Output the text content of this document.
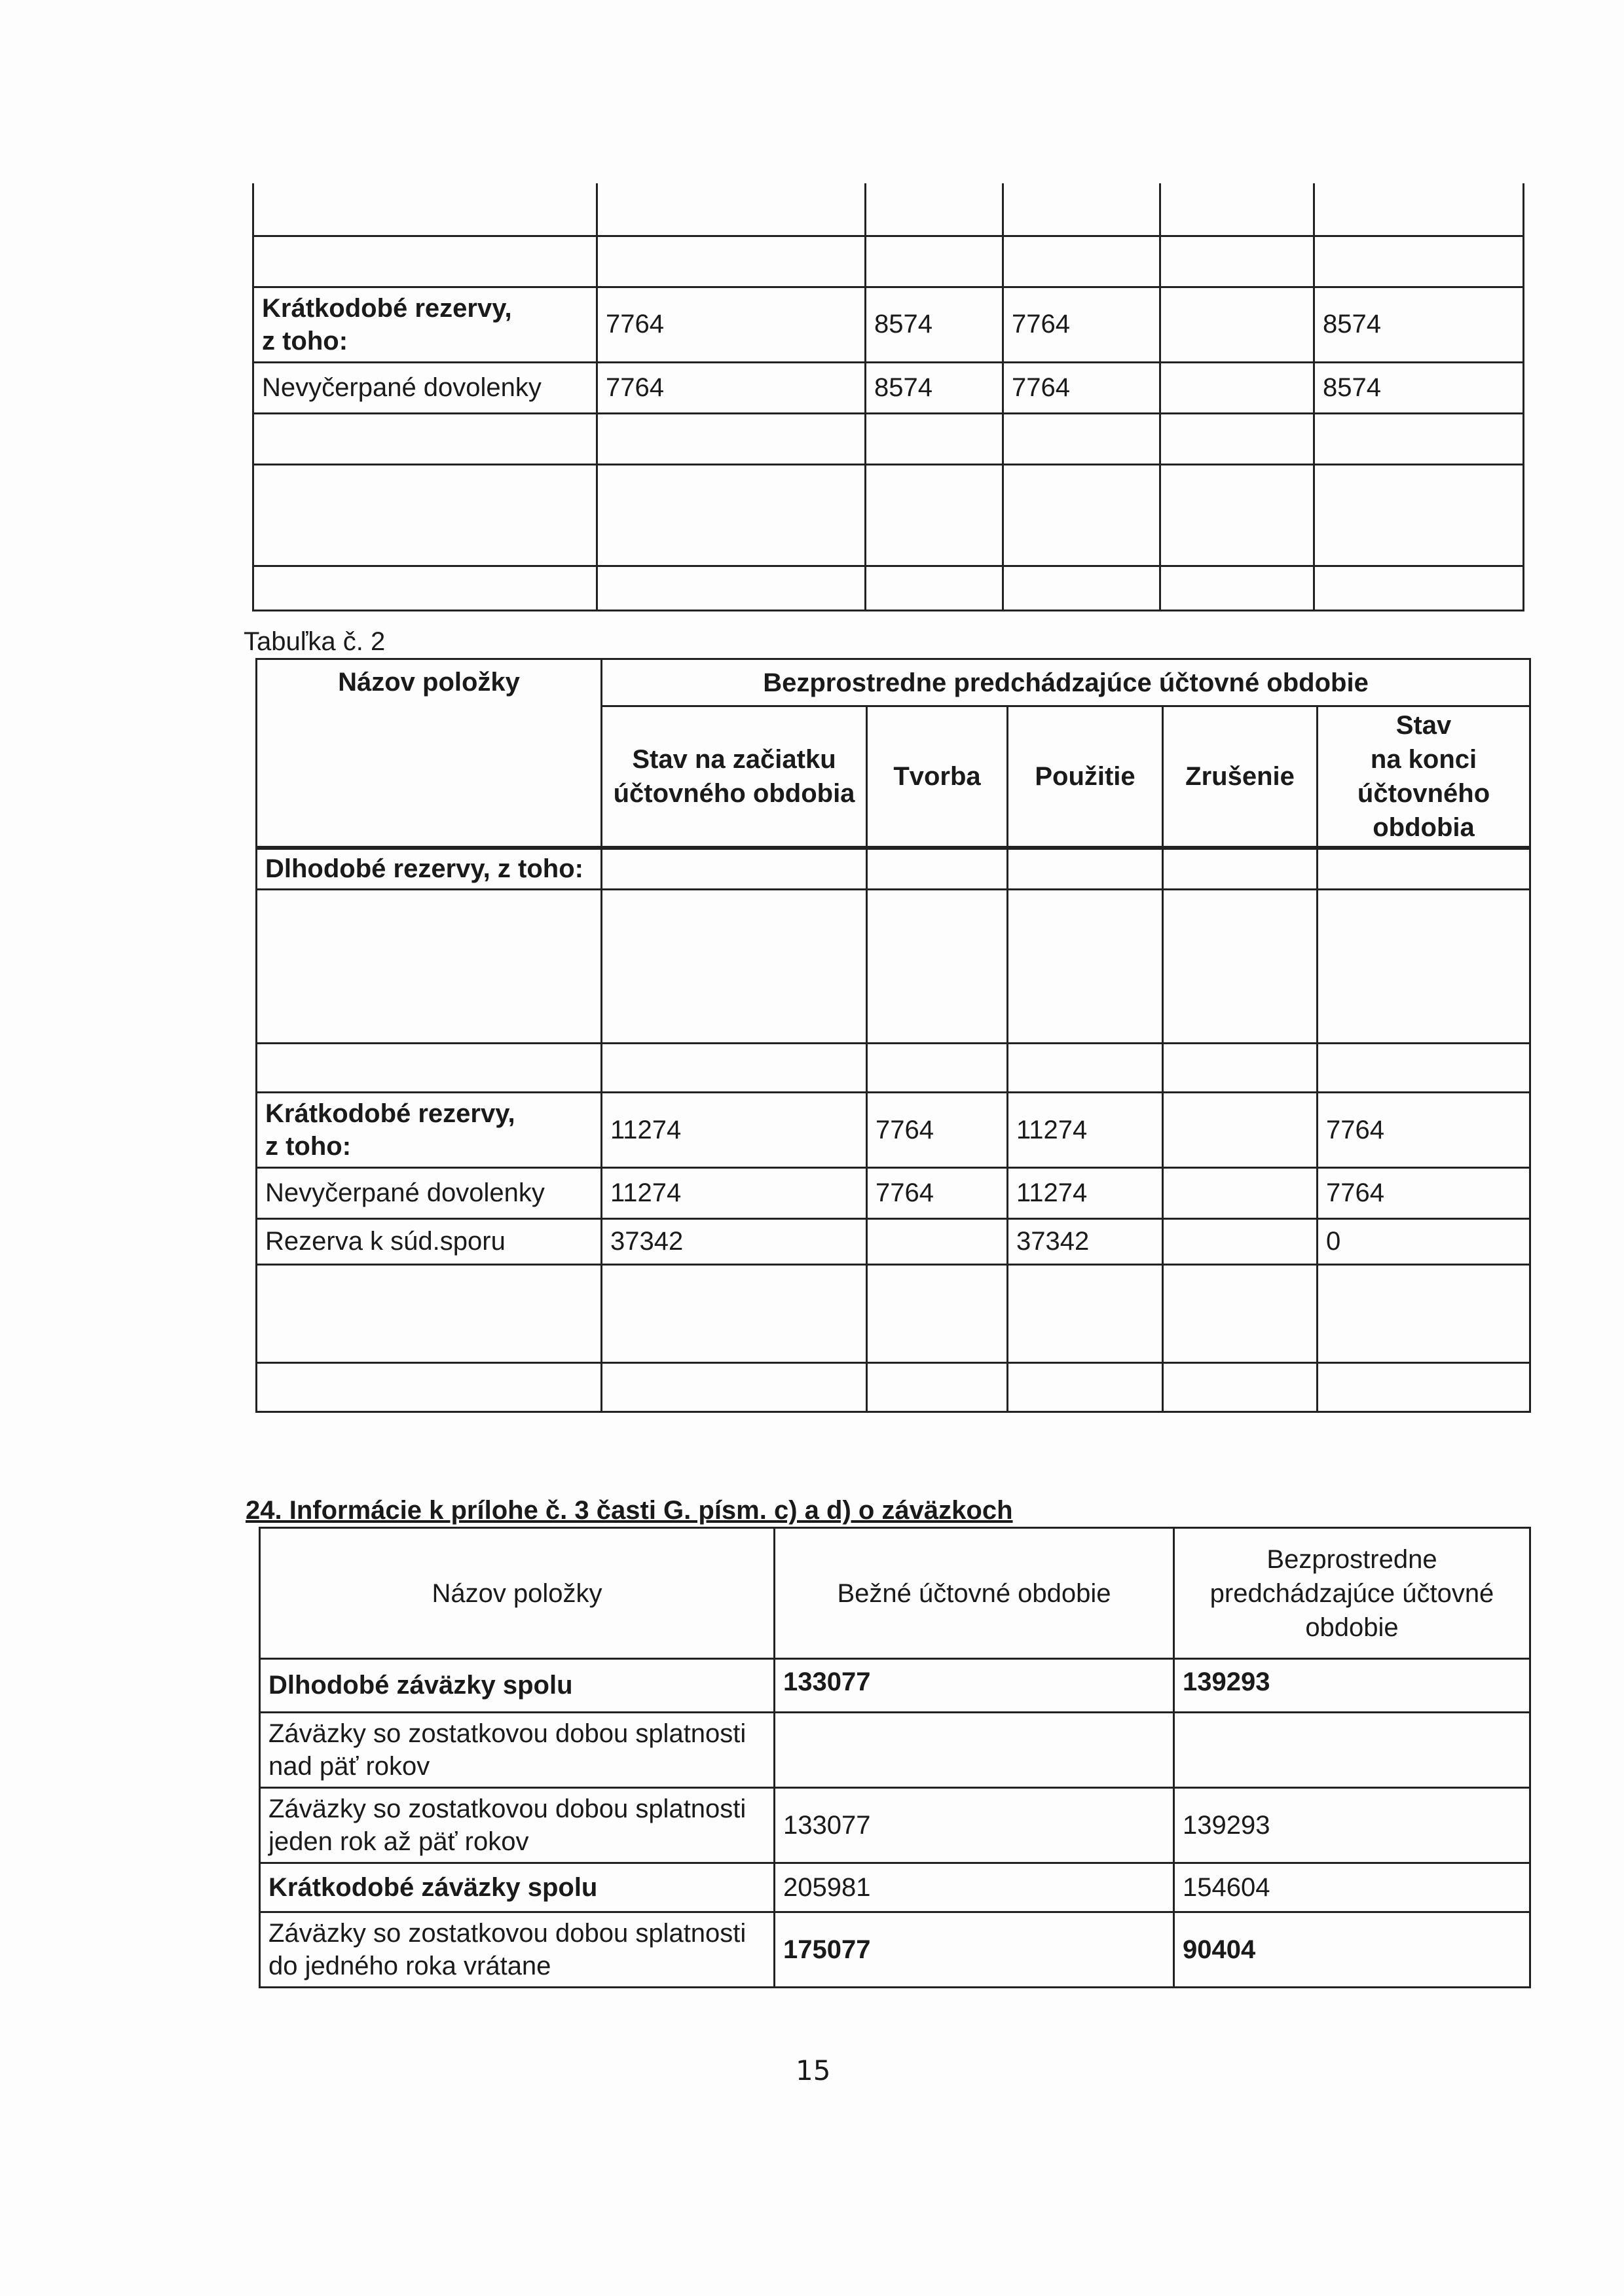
Krátkodobé rezervy,
z toho:	7764	8574	7764		8574
Nevyčerpané dovolenky	7764	8574	7764		8574

Tabuľka č. 2
Názov položky	Bezprostredne predchádzajúce účtovné obdobie				
	Stav na začiatku
účtovného obdobia	Tvorba	Použitie	Zrušenie	Stav
na konci
účtovného
obdobia

Dlhodobé rezervy, z toho:					

Krátkodobé rezervy,
z toho:	11274	7764	11274		7764
Nevyčerpané dovolenky	11274	7764	11274		7764
Rezerva k súd.sporu	37342		37342		0

24. Informácie k prílohe č. 3 časti G. písm. c) a d) o záväzkoch
Názov položky	Bežné účtovné obdobie	Bezprostredne
predchádzajúce účtovné
obdobie
Dlhodobé záväzky spolu	133077	139293
Záväzky so zostatkovou dobou splatnosti
nad päť rokov		
Záväzky so zostatkovou dobou splatnosti
jeden rok až päť rokov	133077	139293
Krátkodobé záväzky spolu	205981	154604
Záväzky so zostatkovou dobou splatnosti
do jedného roka vrátane	175077	90404
15
